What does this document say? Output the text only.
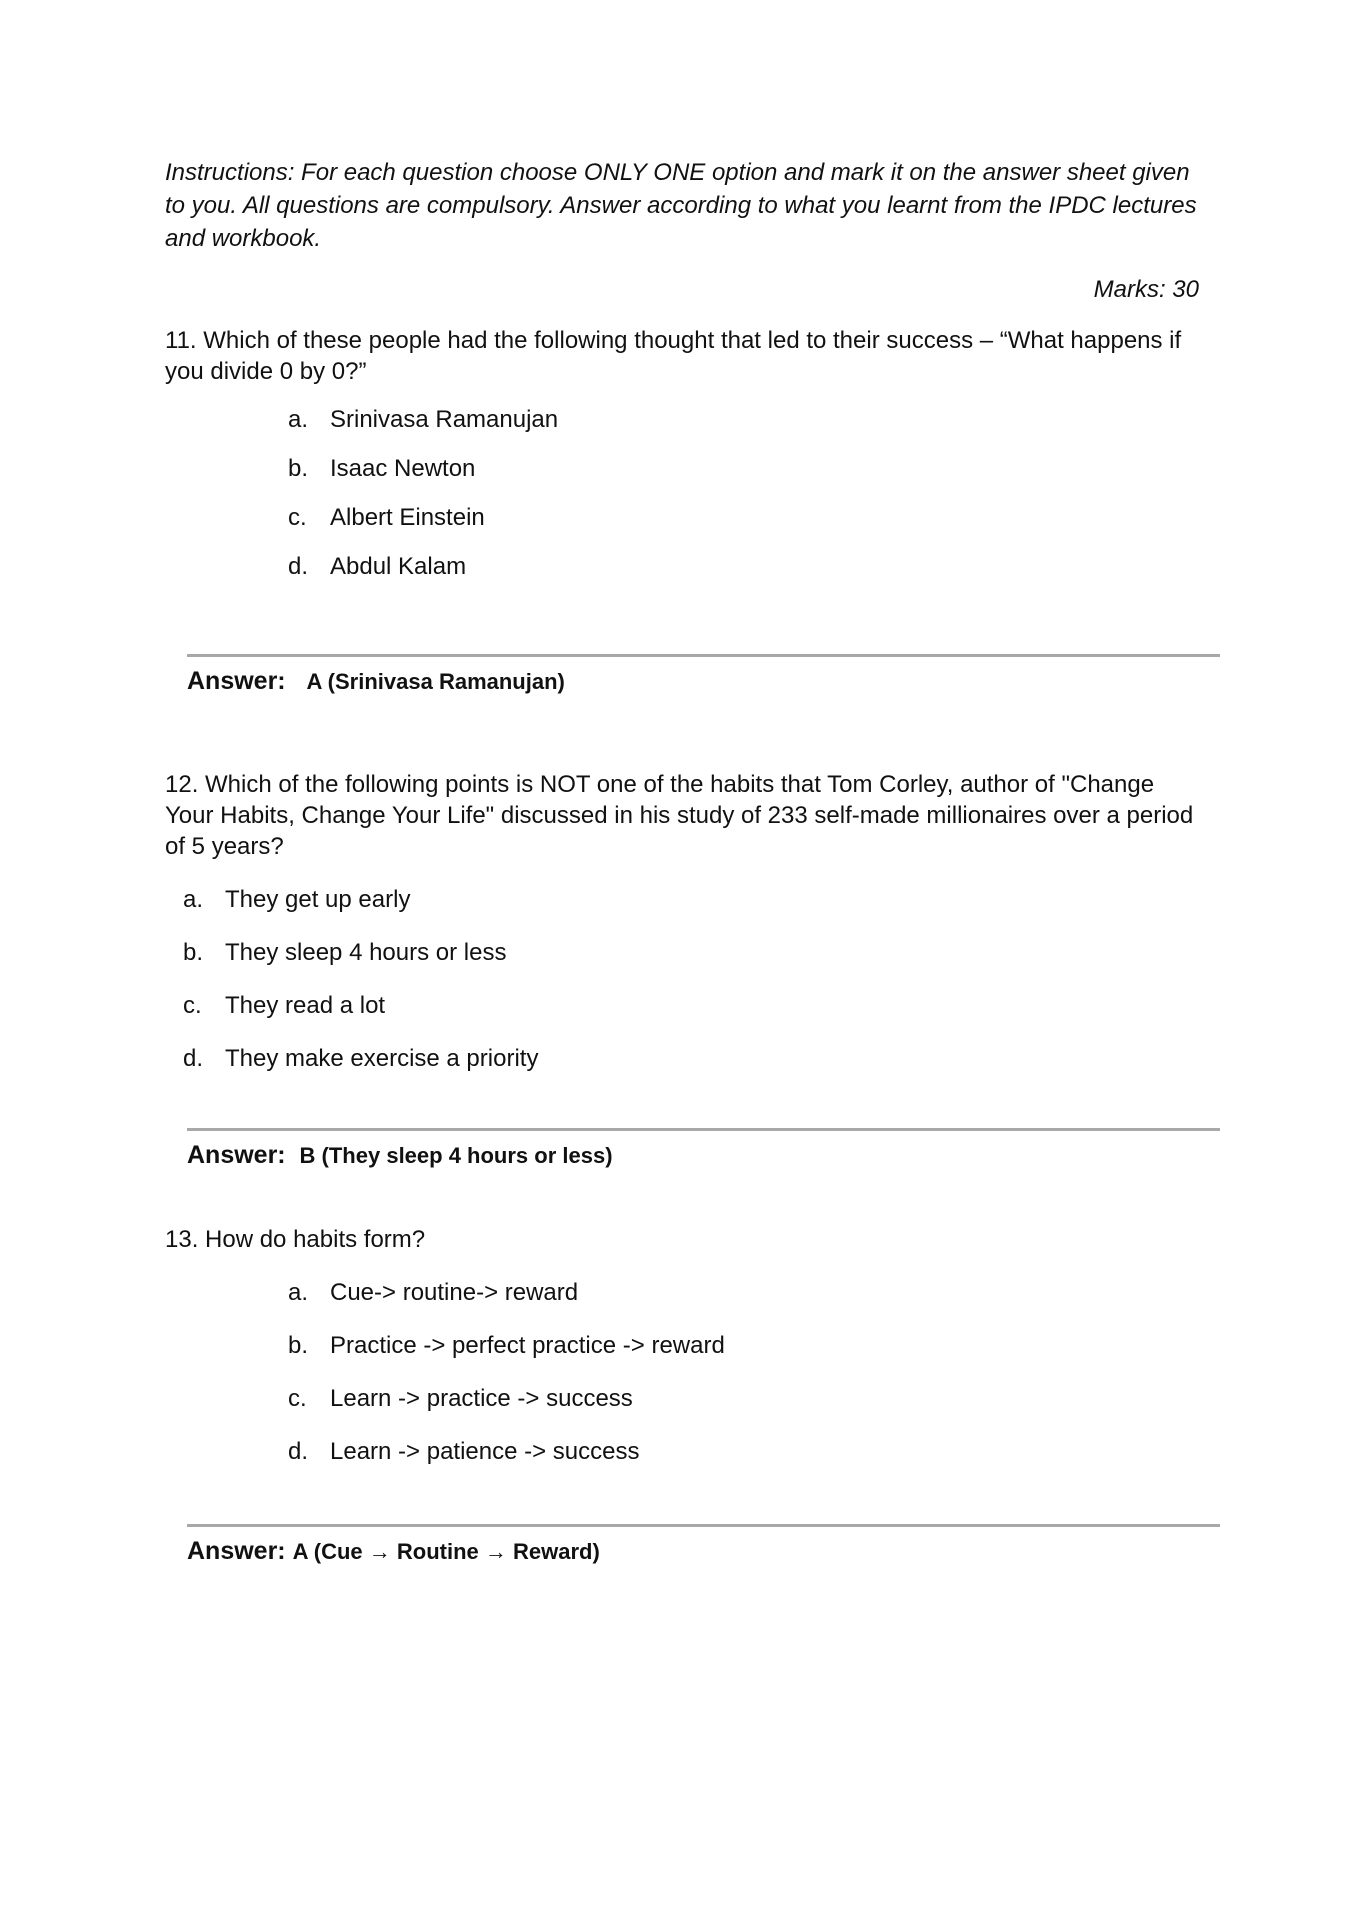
Instructions: For each question choose ONLY ONE option and mark it on the answer sheet given to you. All questions are compulsory. Answer according to what you learnt from the IPDC lectures and workbook.
Marks: 30
11. Which of these people had the following thought that led to their success – “What happens if you divide 0 by 0?”
a. Srinivasa Ramanujan
b. Isaac Newton
c. Albert Einstein
d. Abdul Kalam
Answer: A (Srinivasa Ramanujan)
12. Which of the following points is NOT one of the habits that Tom Corley, author of "Change Your Habits, Change Your Life" discussed in his study of 233 self-made millionaires over a period of 5 years?
a. They get up early
b. They sleep 4 hours or less
c. They read a lot
d. They make exercise a priority
Answer: B (They sleep 4 hours or less)
13. How do habits form?
a. Cue-> routine-> reward
b. Practice -> perfect practice -> reward
c. Learn -> practice -> success
d. Learn -> patience -> success
Answer: A (Cue → Routine → Reward)
